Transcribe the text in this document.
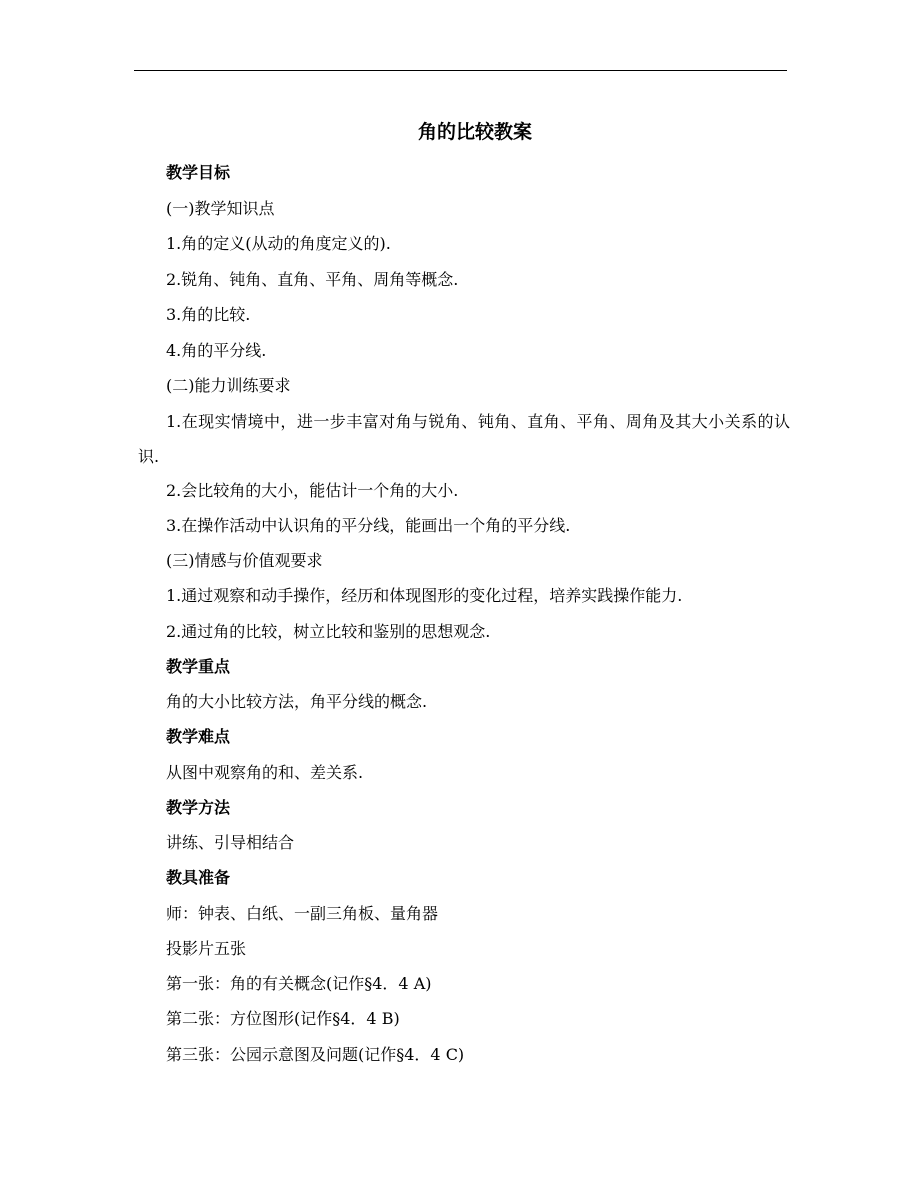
角的比较教案
教学目标
(一)教学知识点
1.角的定义(从动的角度定义的).
2.锐角、钝角、直角、平角、周角等概念.
3.角的比较.
4.角的平分线.
(二)能力训练要求
1.在现实情境中，进一步丰富对角与锐角、钝角、直角、平角、周角及其大小关系的认识.
2.会比较角的大小，能估计一个角的大小.
3.在操作活动中认识角的平分线，能画出一个角的平分线.
(三)情感与价值观要求
1.通过观察和动手操作，经历和体现图形的变化过程，培养实践操作能力.
2.通过角的比较，树立比较和鉴别的思想观念.
教学重点
角的大小比较方法，角平分线的概念.
教学难点
从图中观察角的和、差关系.
教学方法
讲练、引导相结合
教具准备
师：钟表、白纸、一副三角板、量角器
投影片五张
第一张：角的有关概念(记作§4．4 A)
第二张：方位图形(记作§4．4 B)
第三张：公园示意图及问题(记作§4．4 C)
